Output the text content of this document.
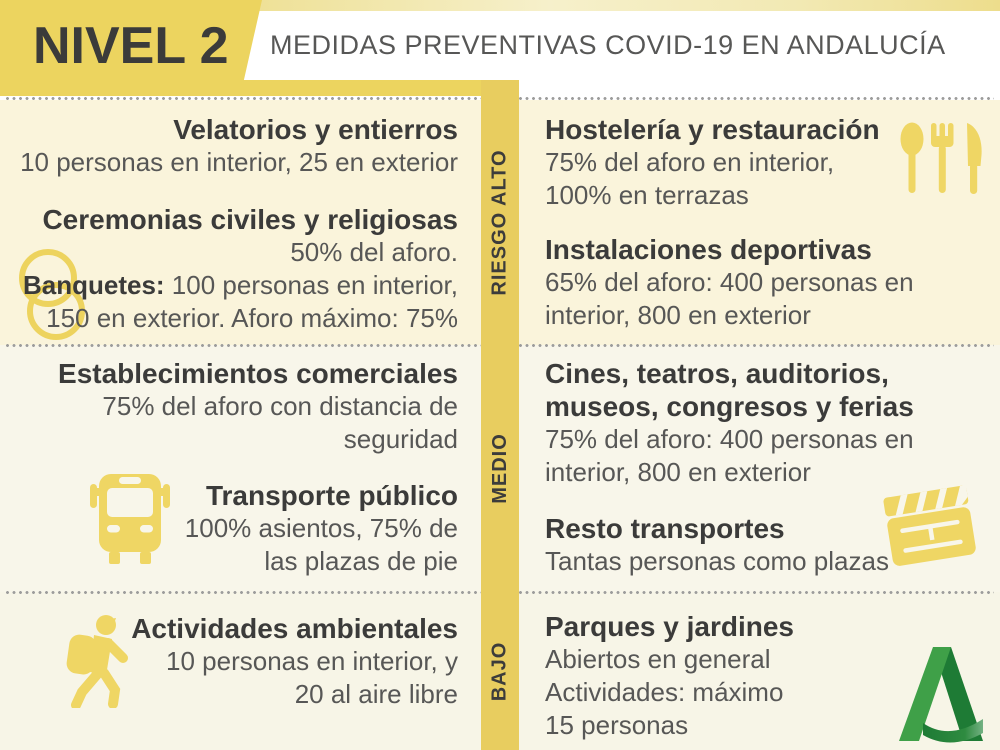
NIVEL 2 MEDIDAS PREVENTIVAS COVID-19 EN ANDALUCÍA
RIESGO ALTO
MEDIO
BAJO
Velatorios y entierros
10 personas en interior, 25 en exterior
Ceremonias civiles y religiosas
50% del aforo.
Banquetes: 100 personas en interior,
150 en exterior. Aforo máximo: 75%
Hostelería y restauración
75% del aforo en interior,
100% en terrazas
Instalaciones deportivas
65% del aforo: 400 personas en
interior, 800 en exterior
Establecimientos comerciales
75% del aforo con distancia de
seguridad
Transporte público
100% asientos, 75% de
las plazas de pie
Cines, teatros, auditorios,
museos, congresos y ferias
75% del aforo: 400 personas en
interior, 800 en exterior
Resto transportes
Tantas personas como plazas
Actividades ambientales
10 personas en interior, y
20 al aire libre
Parques y jardines
Abiertos en general
Actividades: máximo
15 personas
